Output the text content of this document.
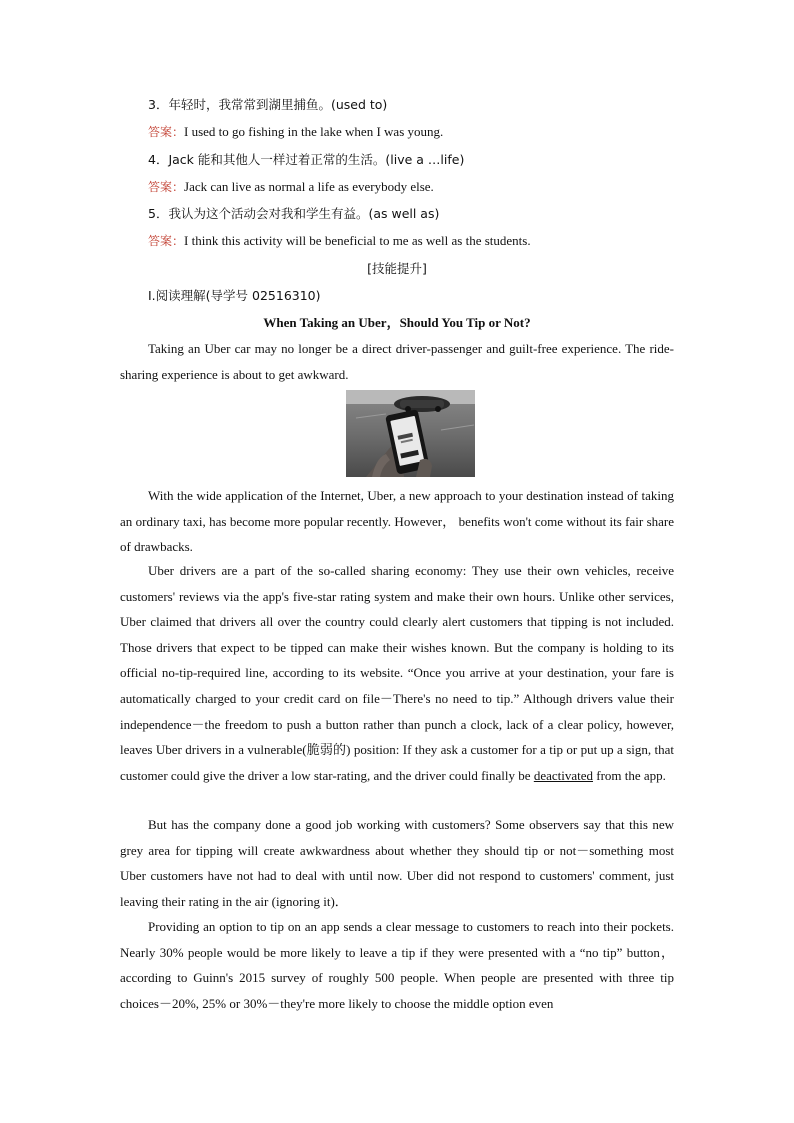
3．年轻时，我常常到湖里捕鱼。(used to)
答案：I used to go fishing in the lake when I was young.
4．Jack 能和其他人一样过着正常的生活。(live a …life)
答案：Jack can live as normal a life as everybody else.
5．我认为这个活动会对我和学生有益。(as well as)
答案：I think this activity will be beneficial to me as well as the students.
[技能提升]
Ⅰ.阅读理解(导学号 02516310)
When Taking an Uber，Should You Tip or Not?
Taking an Uber car may no longer be a direct driver-passenger and guilt-free experience. The ride-sharing experience is about to get awkward.
With the wide application of the Internet, Uber, a new approach to your destination instead of taking an ordinary taxi, has become more popular recently. However， benefits won't come without its fair share of drawbacks.
Uber drivers are a part of the so-called sharing economy: They use their own vehicles, receive customers' reviews via the app's five-star rating system and make their own hours. Unlike other services, Uber claimed that drivers all over the country could clearly alert customers that tipping is not included. Those drivers that expect to be tipped can make their wishes known. But the company is holding to its official no-tip-required line, according to its website. “Once you arrive at your destination, your fare is automatically charged to your credit card on file－There's no need to tip.” Although drivers value their independence－the freedom to push a button rather than punch a clock, lack of a clear policy, however, leaves Uber drivers in a vulnerable(脆弱的) position: If they ask a customer for a tip or put up a sign, that customer could give the driver a low star-rating, and the driver could finally be deactivated from the app.
But has the company done a good job working with customers? Some observers say that this new grey area for tipping will create awkwardness about whether they should tip or not－something most Uber customers have not had to deal with until now. Uber did not respond to customers' comment, just leaving their rating in the air (ignoring it)．
Providing an option to tip on an app sends a clear message to customers to reach into their pockets. Nearly 30% people would be more likely to leave a tip if they were presented with a “no tip” button，according to Guinn's 2015 survey of roughly 500 people. When people are presented with three tip choices－20%, 25% or 30%－they're more likely to choose the middle option even
